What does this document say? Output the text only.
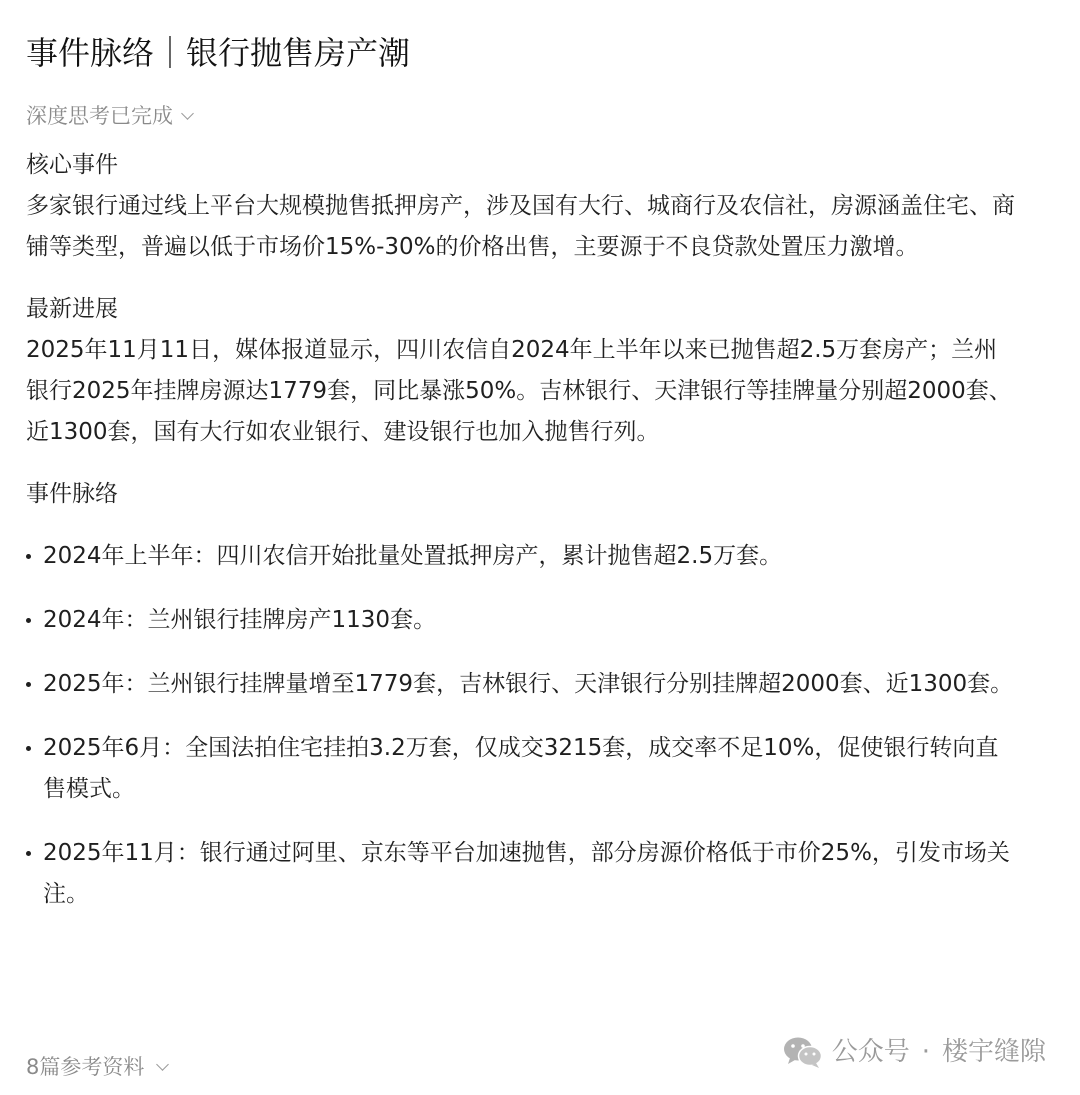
事件脉络｜银行抛售房产潮
深度思考已完成
核心事件

多家银行通过线上平台大规模抛售抵押房产，涉及国有大行、城商行及农信社，房源涵盖住宅、商铺等类型，普遍以低于市场价15%-30%的价格出售，主要源于不良贷款处置压力激增。

最新进展

2025年11月11日，媒体报道显示，四川农信自2024年上半年以来已抛售超2.5万套房产；兰州银行2025年挂牌房源达1779套，同比暴涨50%。吉林银行、天津银行等挂牌量分别超2000套、近1300套，国有大行如农业银行、建设银行也加入抛售行列。

事件脉络
2024年上半年：四川农信开始批量处置抵押房产，累计抛售超2.5万套。
2024年：兰州银行挂牌房产1130套。
2025年：兰州银行挂牌量增至1779套，吉林银行、天津银行分别挂牌超2000套、近1300套。
2025年6月：全国法拍住宅挂拍3.2万套，仅成交3215套，成交率不足10%，促使银行转向直售模式。
2025年11月：银行通过阿里、京东等平台加速抛售，部分房源价格低于市价25%，引发市场关注。
8篇参考资料	公众号 · 楼宇缝隙
